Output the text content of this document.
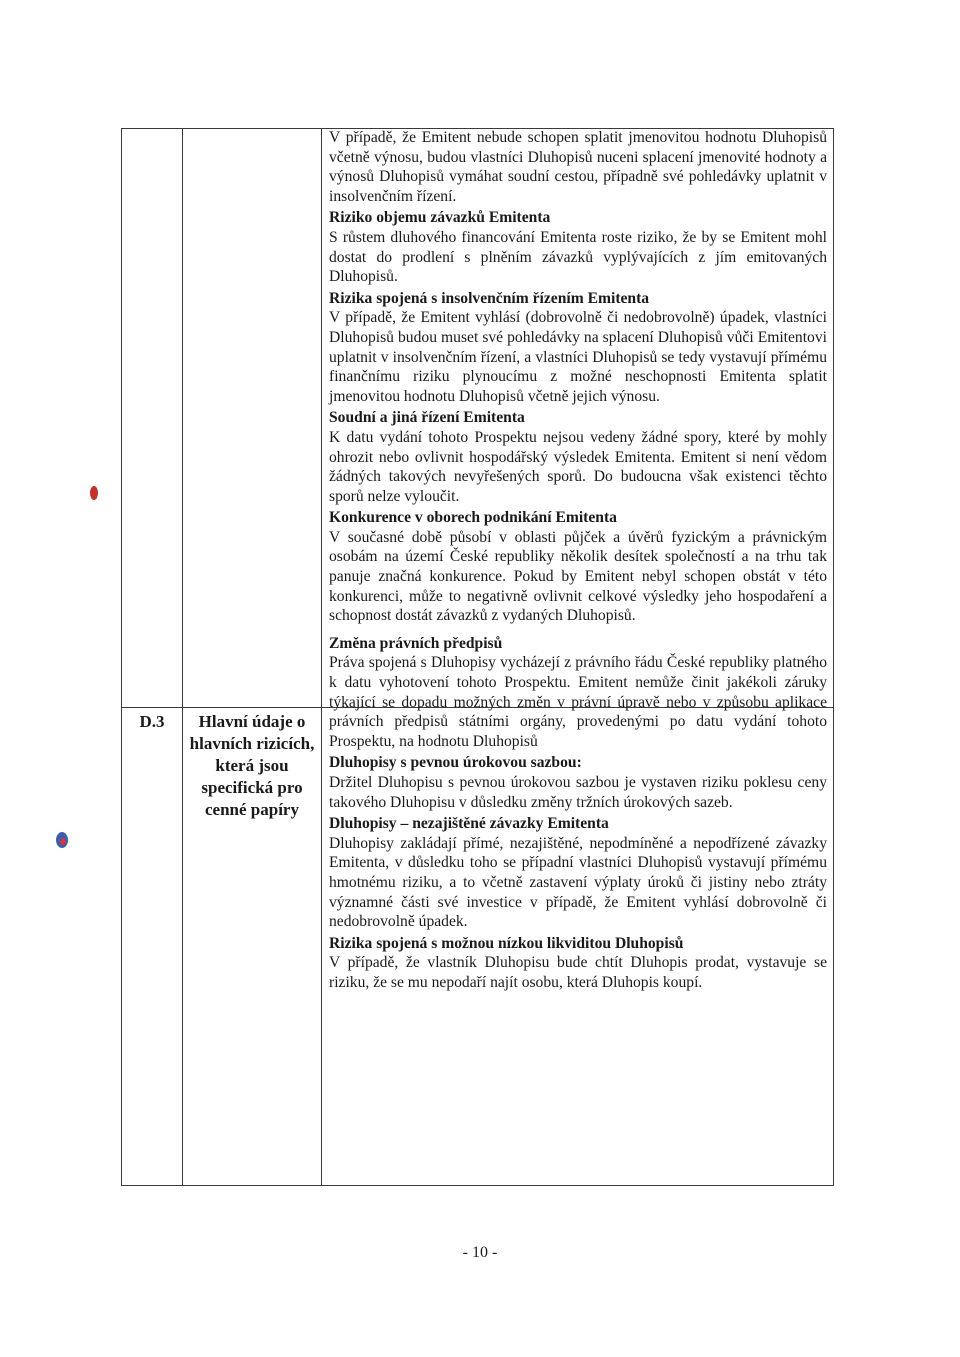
D.3	Hlavní údaje o hlavních rizicích, která jsou specifická pro cenné papíry

V případě, že Emitent nebude schopen splatit jmenovitou hodnotu Dluhopisů včetně výnosu, budou vlastníci Dluhopisů nuceni splacení jmenovité hodnoty a výnosů Dluhopisů vymáhat soudní cestou, případně své pohledávky uplatnit v insolvenčním řízení.

Riziko objemu závazků Emitenta

S růstem dluhového financování Emitenta roste riziko, že by se Emitent mohl dostat do prodlení s plněním závazků vyplývajících z jím emitovaných Dluhopisů.

Rizika spojená s insolvenčním řízením Emitenta

V případě, že Emitent vyhlásí (dobrovolně či nedobrovolně) úpadek, vlastníci Dluhopisů budou muset své pohledávky na splacení Dluhopisů vůči Emitentovi uplatnit v insolvenčním řízení, a vlastníci Dluhopisů se tedy vystavují přímému finančnímu riziku plynoucímu z možné neschopnosti Emitenta splatit jmenovitou hodnotu Dluhopisů včetně jejich výnosu.

Soudní a jiná řízení Emitenta

K datu vydání tohoto Prospektu nejsou vedeny žádné spory, které by mohly ohrozit nebo ovlivnit hospodářský výsledek Emitenta. Emitent si není vědom žádných takových nevyřešených sporů. Do budoucna však existenci těchto sporů nelze vyloučit.

Konkurence v oborech podnikání Emitenta

V současné době působí v oblasti půjček a úvěrů fyzickým a právnickým osobám na území České republiky několik desítek společností a na trhu tak panuje značná konkurence. Pokud by Emitent nebyl schopen obstát v této konkurenci, může to negativně ovlivnit celkové výsledky jeho hospodaření a schopnost dostát závazků z vydaných Dluhopisů.

Změna právních předpisů

Práva spojená s Dluhopisy vycházejí z právního řádu České republiky platného k datu vyhotovení tohoto Prospektu. Emitent nemůže činit jakékoli záruky týkající se dopadu možných změn v právní úpravě nebo v způsobu aplikace právních předpisů státními orgány, provedenými po datu vydání tohoto Prospektu, na hodnotu Dluhopisů

Dluhopisy s pevnou úrokovou sazbou:

Držitel Dluhopisu s pevnou úrokovou sazbou je vystaven riziku poklesu ceny takového Dluhopisu v důsledku změny tržních úrokových sazeb.

Dluhopisy – nezajištěné závazky Emitenta

Dluhopisy zakládají přímé, nezajištěné, nepodmíněné a nepodřízené závazky Emitenta, v důsledku toho se případní vlastníci Dluhopisů vystavují přímému hmotnému riziku, a to včetně zastavení výplaty úroků či jistiny nebo ztráty významné části své investice v případě, že Emitent vyhlásí dobrovolně či nedobrovolně úpadek.

Rizika spojená s možnou nízkou likviditou Dluhopisů

V případě, že vlastník Dluhopisu bude chtít Dluhopis prodat, vystavuje se riziku, že se mu nepodaří najít osobu, která Dluhopis koupí.

- 10 -
